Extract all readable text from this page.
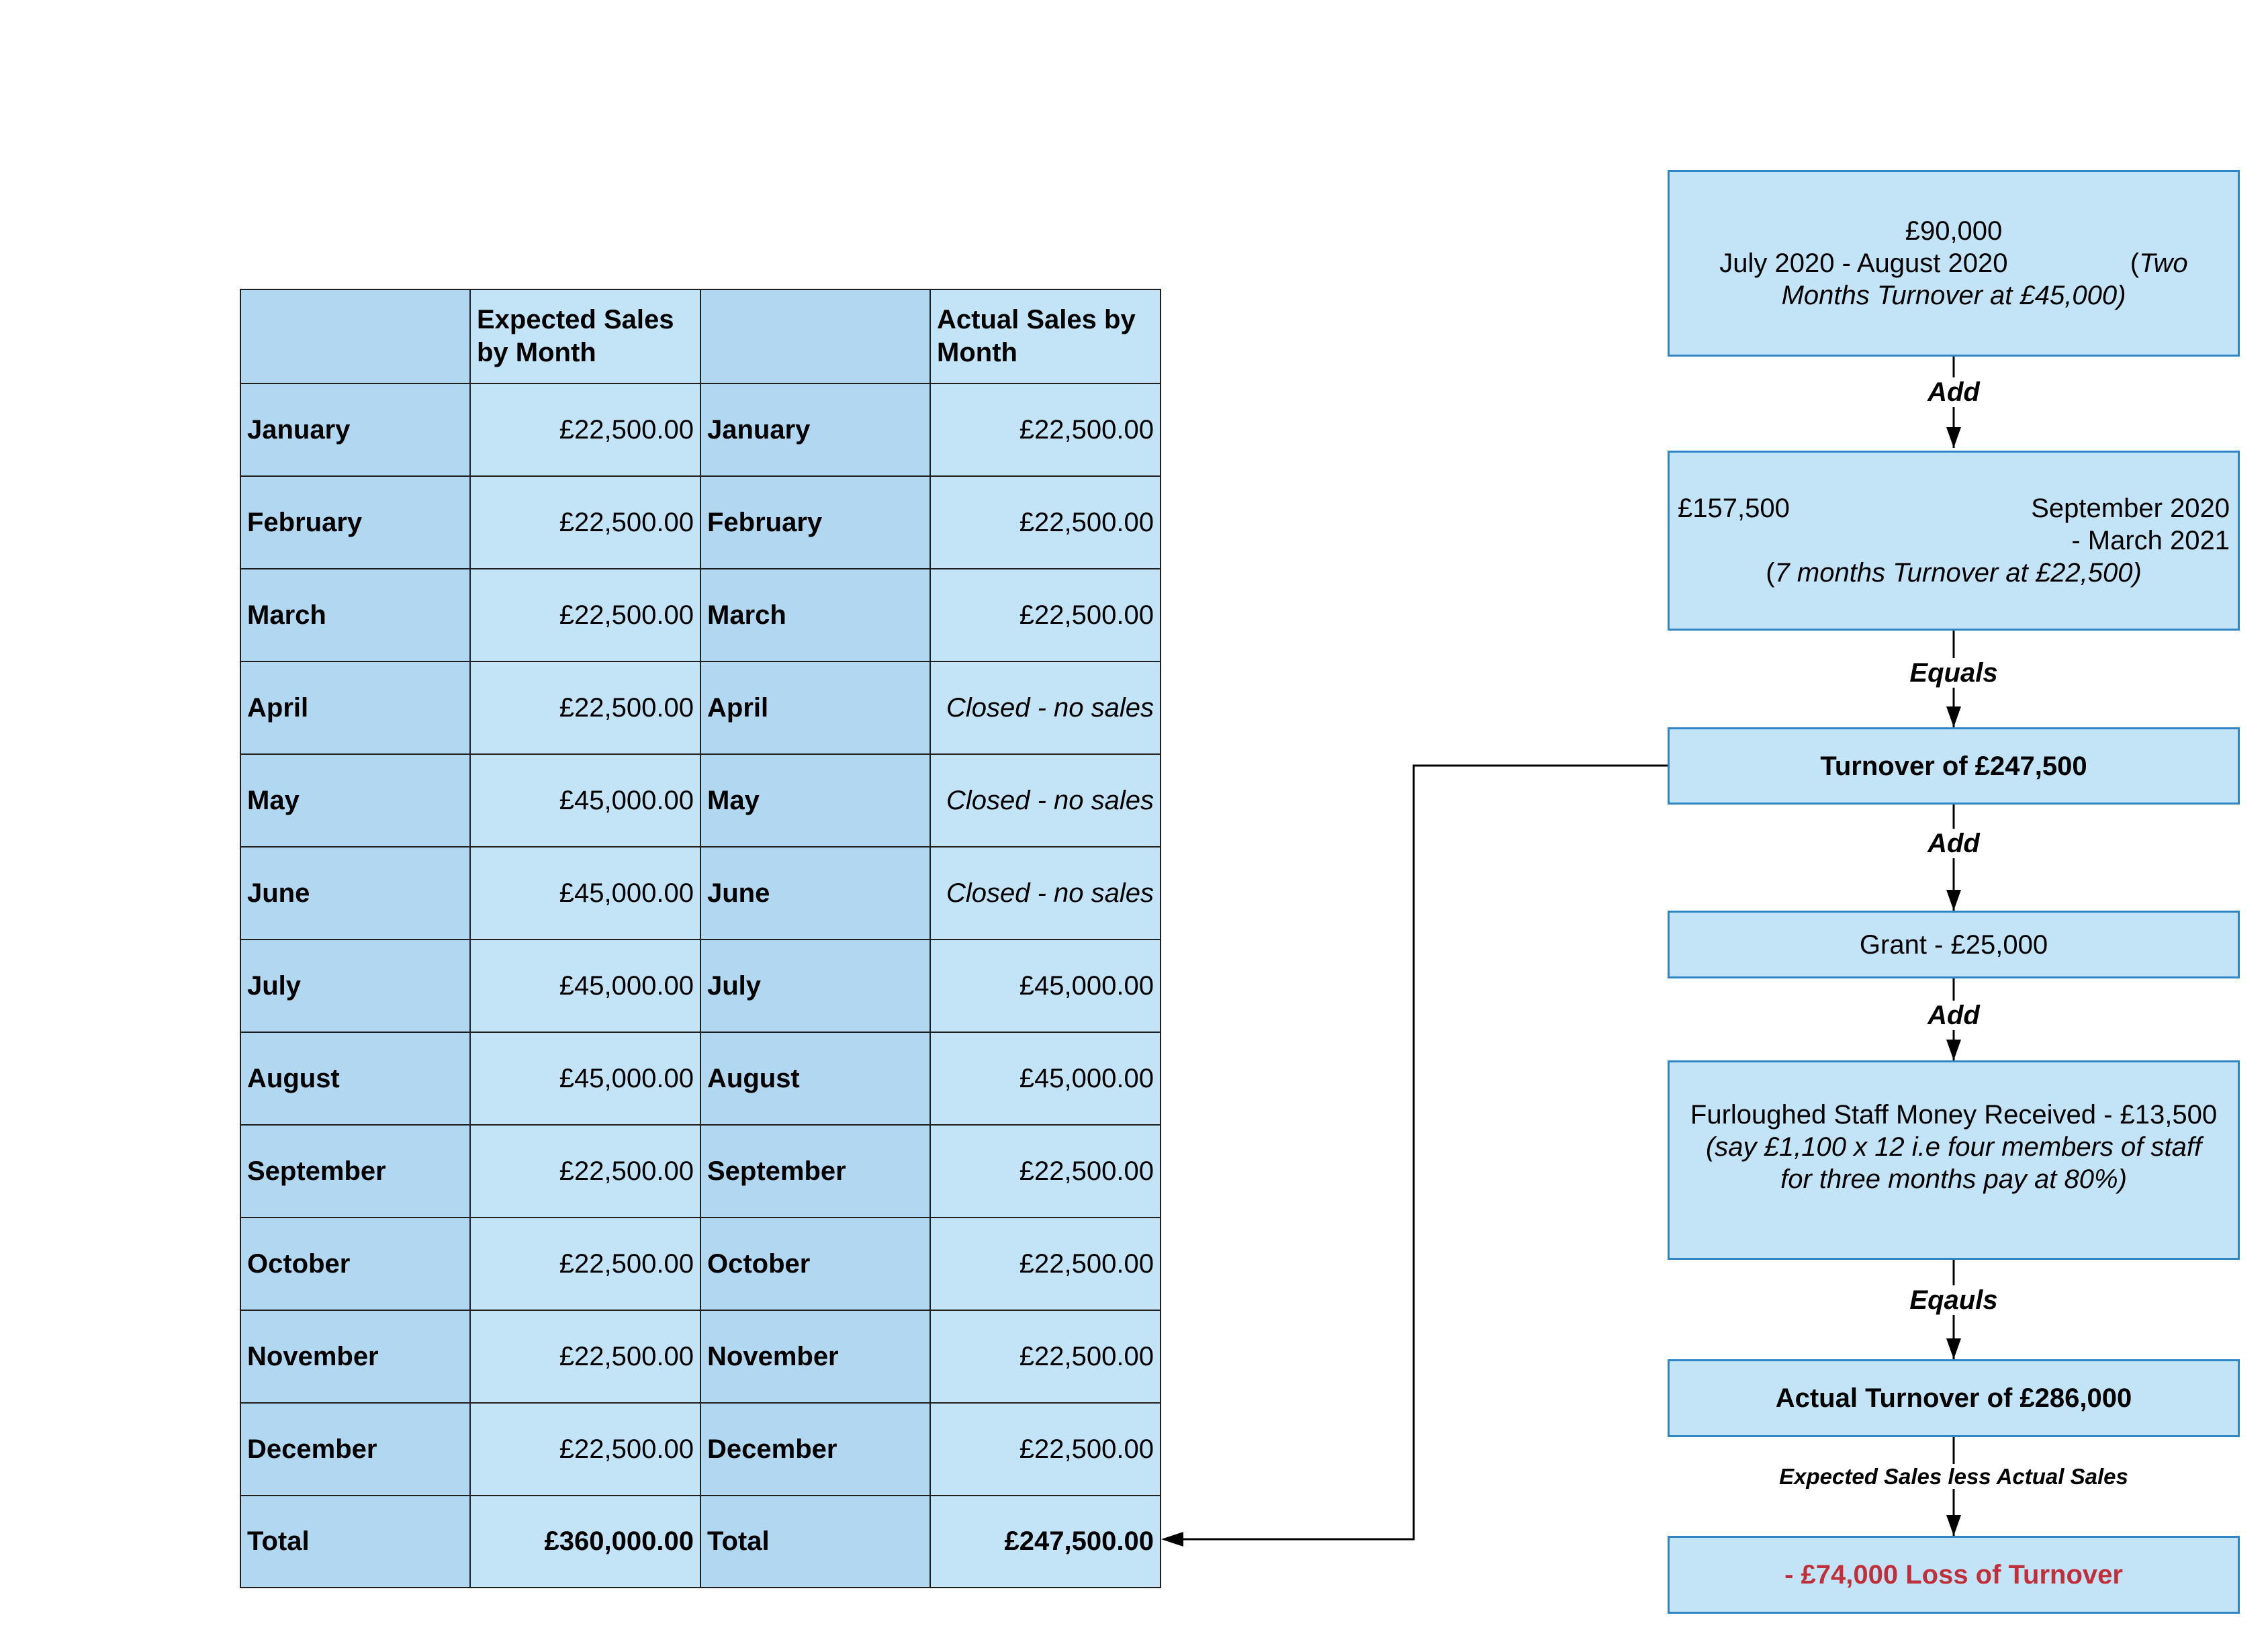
	Expected Sales by Month		Actual Sales by Month
January	£22,500.00	January	£22,500.00
February	£22,500.00	February	£22,500.00
March	£22,500.00	March	£22,500.00
April	£22,500.00	April	Closed - no sales
May	£45,000.00	May	Closed - no sales
June	£45,000.00	June	Closed - no sales
July	£45,000.00	July	£45,000.00
August	£45,000.00	August	£45,000.00
September	£22,500.00	September	£22,500.00
October	£22,500.00	October	£22,500.00
November	£22,500.00	November	£22,500.00
December	£22,500.00	December	£22,500.00
Total	£360,000.00	Total	£247,500.00
£90,000
July 2020 - August 2020	(Two Months Turnover at £45,000)
Add
£157,500	September 2020 - March 2021
(7 months Turnover at £22,500)
Equals
Turnover of £247,500
Add
Grant - £25,000
Add
Furloughed Staff Money Received - £13,500
(say £1,100 x 12 i.e four members of staff for three months pay at 80%)
Eqauls
Actual Turnover of £286,000
Expected Sales less Actual Sales
- £74,000 Loss of Turnover
